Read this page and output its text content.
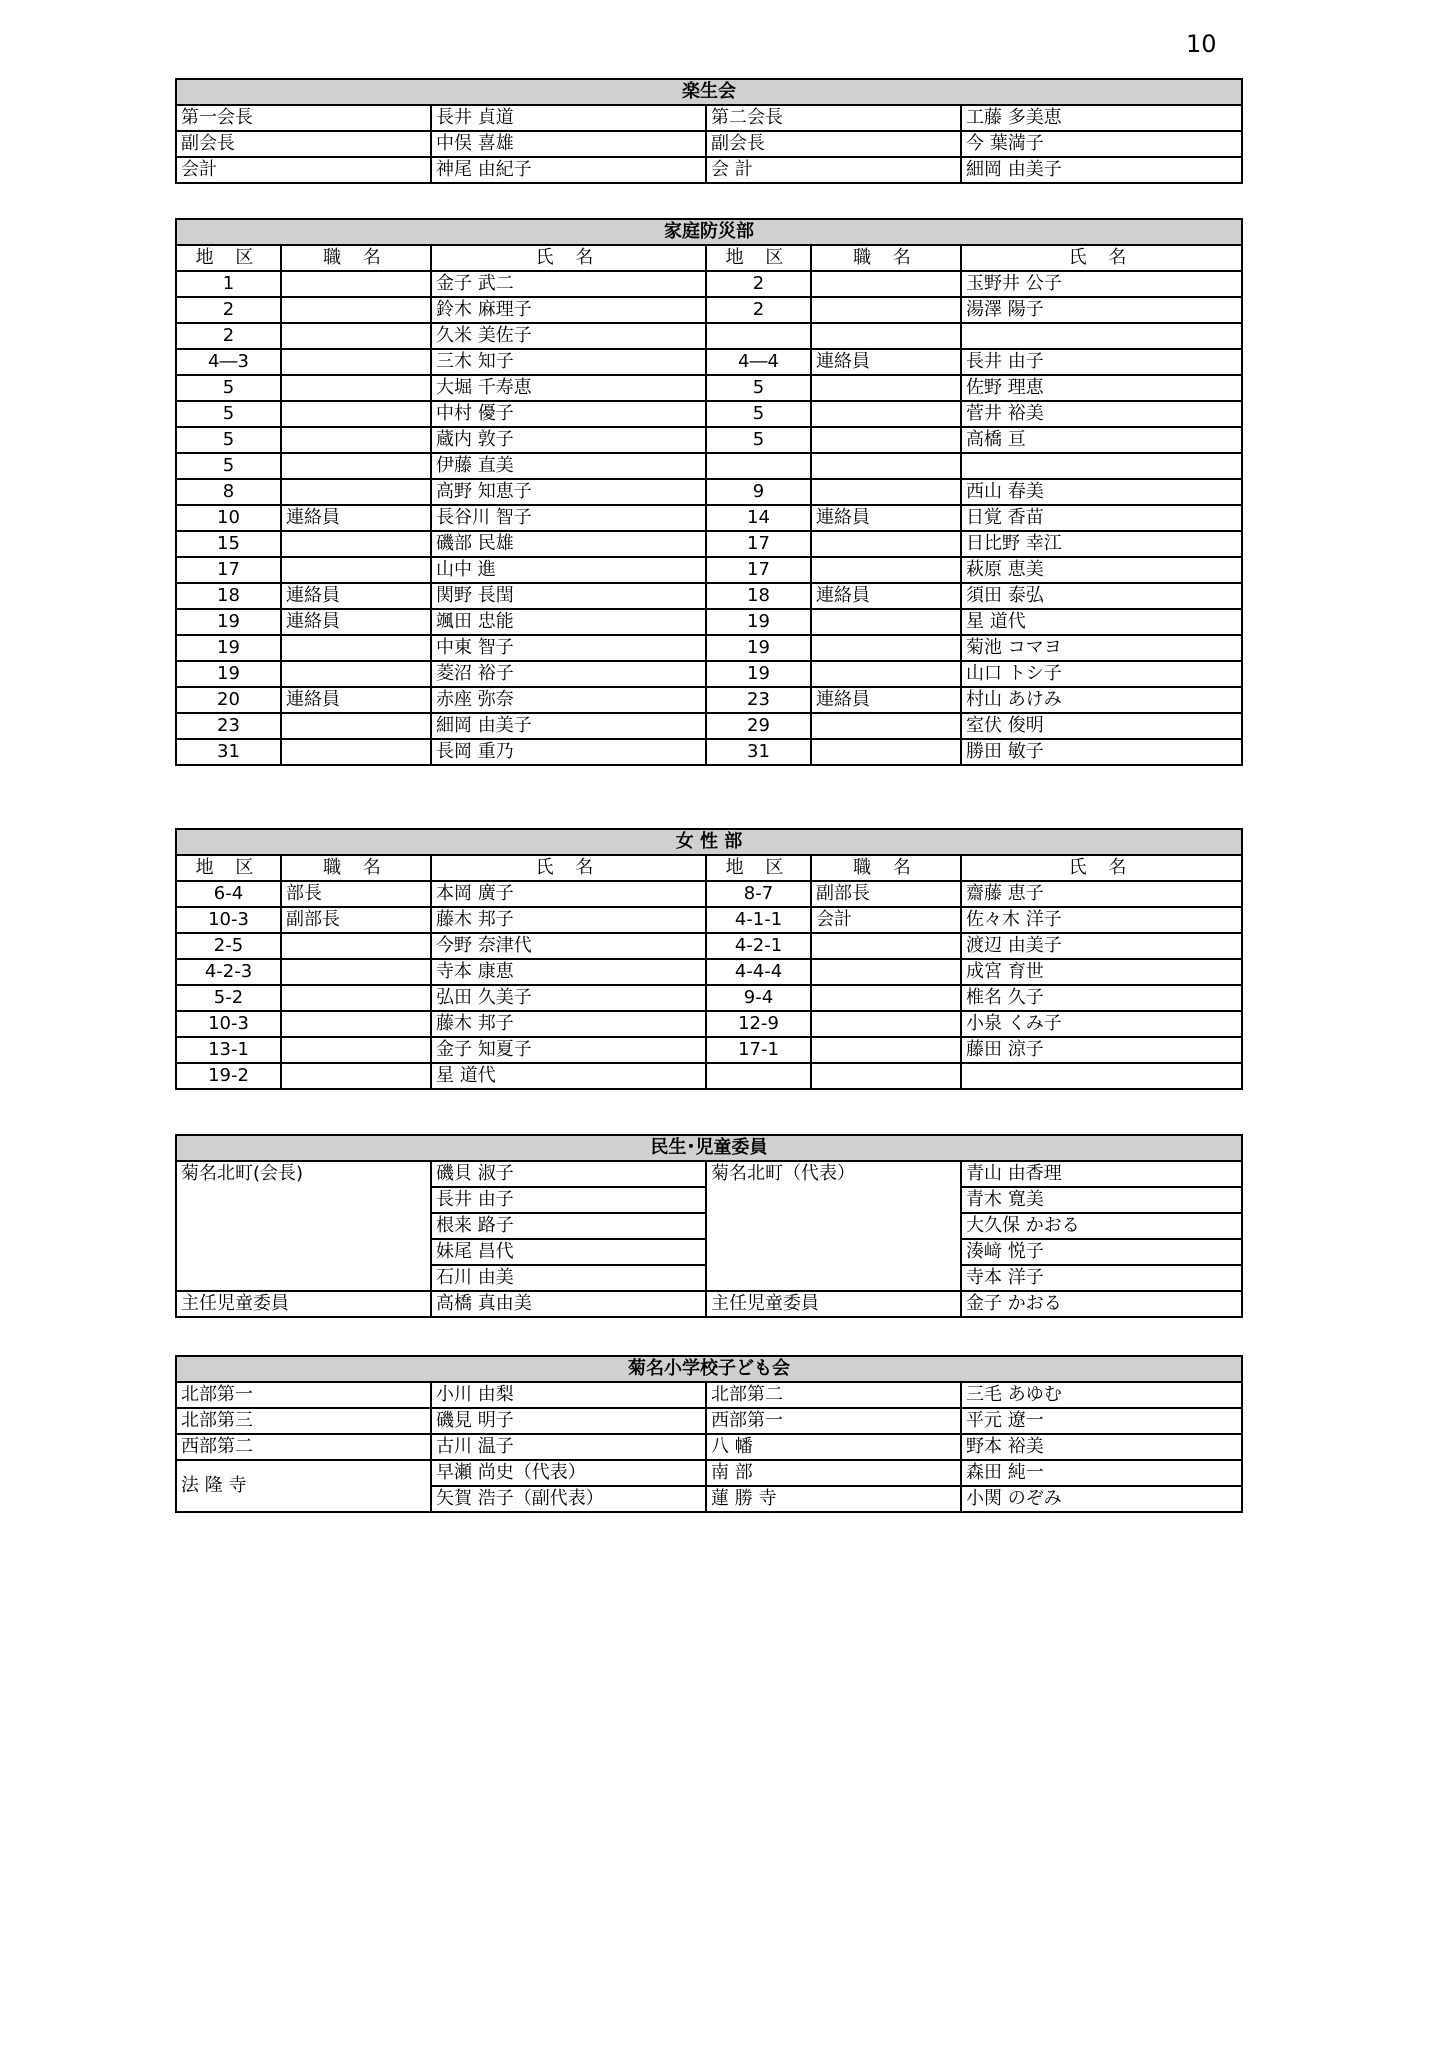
10
楽生会			
第一会長	長井 貞道	第二会長	工藤 多美恵
副会長	中俣 喜雄	副会長	今 葉満子
会計	神尾 由紀子	会 計	細岡 由美子
家庭防災部					
地 区	職 名	氏 名	地 区	職 名	氏 名
1		金子 武二	2		玉野井 公子
2		鈴木 麻理子	2		湯澤 陽子
2		久米 美佐子			
4―3		三木 知子	4―4	連絡員	長井 由子
5		大堀 千寿恵	5		佐野 理恵
5		中村 優子	5		菅井 裕美
5		蔵内 敦子	5		高橋 亘
5		伊藤 直美			
8		高野 知恵子	9		西山 春美
10	連絡員	長谷川 智子	14	連絡員	日覚 香苗
15		磯部 民雄	17		日比野 幸江
17		山中 進	17		萩原 恵美
18	連絡員	関野 長閏	18	連絡員	須田 泰弘
19	連絡員	颯田 忠能	19		星 道代
19		中東 智子	19		菊池 コマヨ
19		菱沼 裕子	19		山口 トシ子
20	連絡員	赤座 弥奈	23	連絡員	村山 あけみ
23		細岡 由美子	29		室伏 俊明
31		長岡 重乃	31		勝田 敏子
女 性 部					
地 区	職 名	氏 名	地 区	職 名	氏 名
6-4	部長	本岡 廣子	8-7	副部長	齋藤 恵子
10-3	副部長	藤木 邦子	4-1-1	会計	佐々木 洋子
2-5		今野 奈津代	4-2-1		渡辺 由美子
4-2-3		寺本 康恵	4-4-4		成宮 育世
5-2		弘田 久美子	9-4		椎名 久子
10-3		藤木 邦子	12-9		小泉 くみ子
13-1		金子 知夏子	17-1		藤田 涼子
19-2		星 道代			
民生･児童委員			
菊名北町(会長)	磯貝 淑子	菊名北町（代表）	青山 由香理
	長井 由子		青木 寛美
	根来 路子		大久保 かおる
	妹尾 昌代		湊﨑 悦子
	石川 由美		寺本 洋子
主任児童委員	高橋 真由美	主任児童委員	金子 かおる
菊名小学校子ども会			
北部第一	小川 由梨	北部第二	三毛 あゆむ
北部第三	磯見 明子	西部第一	平元 遼一
西部第二	古川 温子	八 幡	野本 裕美
法 隆 寺	早瀬 尚史（代表）	南 部	森田 純一
	矢賀 浩子（副代表）	蓮 勝 寺	小関 のぞみ
